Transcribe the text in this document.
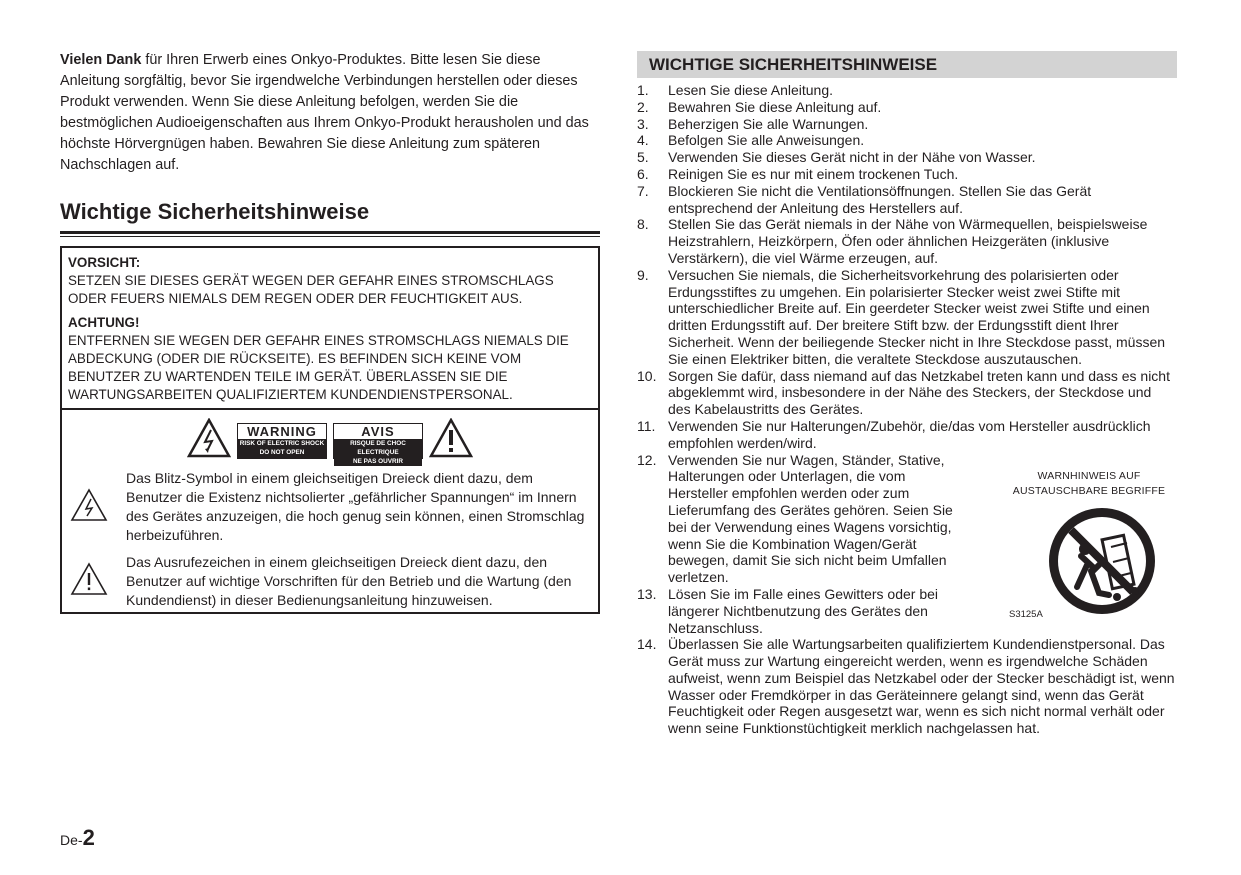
Vielen Dank für Ihren Erwerb eines Onkyo-Produktes. Bitte lesen Sie diese Anleitung sorgfältig, bevor Sie irgendwelche Verbindungen herstellen oder dieses Produkt verwenden. Wenn Sie diese Anleitung befolgen, werden Sie die bestmöglichen Audioeigenschaften aus Ihrem Onkyo-Produkt herausholen und das höchste Hörvergnügen haben. Bewahren Sie diese Anleitung zum späteren Nachschlagen auf.

Wichtige Sicherheitshinweise
VORSICHT:
SETZEN SIE DIESES GERÄT WEGEN DER GEFAHR EINES STROMSCHLAGS ODER FEUERS NIEMALS DEM REGEN ODER DER FEUCHTIGKEIT AUS.
ACHTUNG!
ENTFERNEN SIE WEGEN DER GEFAHR EINES STROMSCHLAGS NIEMALS DIE ABDECKUNG (ODER DIE RÜCKSEITE). ES BEFINDEN SICH KEINE VOM BENUTZER ZU WARTENDEN TEILE IM GERÄT. ÜBERLASSEN SIE DIE WARTUNGSARBEITEN QUALIFIZIERTEM KUNDENDIENSTPERSONAL.
WARNING
RISK OF ELECTRIC SHOCK
DO NOT OPEN
AVIS
RISQUE DE CHOC ELECTRIQUE
NE PAS OUVRIR

Das Blitz-Symbol in einem gleichseitigen Dreieck dient dazu, dem Benutzer die Existenz nichtsolierter „gefährlicher Spannungen“ im Innern des Gerätes anzuzeigen, die hoch genug sein können, einen Stromschlag herbeizuführen.

Das Ausrufezeichen in einem gleichseitigen Dreieck dient dazu, den Benutzer auf wichtige Vorschriften für den Betrieb und die Wartung (den Kundendienst) in dieser Bedienungsanleitung hinzuweisen.

De-2
WICHTIGE SICHERHEITSHINWEISE
1.	Lesen Sie diese Anleitung.
2.	Bewahren Sie diese Anleitung auf.
3.	Beherzigen Sie alle Warnungen.
4.	Befolgen Sie alle Anweisungen.
5.	Verwenden Sie dieses Gerät nicht in der Nähe von Wasser.
6.	Reinigen Sie es nur mit einem trockenen Tuch.
7.	Blockieren Sie nicht die Ventilationsöffnungen. Stellen Sie das Gerät entsprechend der Anleitung des Herstellers auf.
8.	Stellen Sie das Gerät niemals in der Nähe von Wärmequellen, beispielsweise Heizstrahlern, Heizkörpern, Öfen oder ähnlichen Heizgeräten (inklusive Verstärkern), die viel Wärme erzeugen, auf.
9.	Versuchen Sie niemals, die Sicherheitsvorkehrung des polarisierten oder Erdungsstiftes zu umgehen. Ein polarisierter Stecker weist zwei Stifte mit unterschiedlicher Breite auf. Ein geerdeter Stecker weist zwei Stifte und einen dritten Erdungsstift auf. Der breitere Stift bzw. der Erdungsstift dient Ihrer Sicherheit. Wenn der beiliegende Stecker nicht in Ihre Steckdose passt, müssen Sie einen Elektriker bitten, die veraltete Steckdose auszutauschen.
10. Sorgen Sie dafür, dass niemand auf das Netzkabel treten kann und dass es nicht abgeklemmt wird, insbesondere in der Nähe des Steckers, der Steckdose und des Kabelaustritts des Gerätes.
11. Verwenden Sie nur Halterungen/Zubehör, die/das vom Hersteller ausdrücklich empfohlen werden/wird.
12. Verwenden Sie nur Wagen, Ständer, Stative, Halterungen oder Unterlagen, die vom Hersteller empfohlen werden oder zum Lieferumfang des Gerätes gehören. Seien Sie bei der Verwendung eines Wagens vorsichtig, wenn Sie die Kombination Wagen/Gerät bewegen, damit Sie sich nicht beim Umfallen verletzen.
13. Lösen Sie im Falle eines Gewitters oder bei längerer Nichtbenutzung des Gerätes den Netzanschluss.
14. Überlassen Sie alle Wartungsarbeiten qualifiziertem Kundendienstpersonal. Das Gerät muss zur Wartung eingereicht werden, wenn es irgendwelche Schäden aufweist, wenn zum Beispiel das Netzkabel oder der Stecker beschädigt ist, wenn Wasser oder Fremdkörper in das Geräteinnere gelangt sind, wenn das Gerät Feuchtigkeit oder Regen ausgesetzt war, wenn es sich nicht normal verhält oder wenn seine Funktionstüchtigkeit merklich nachgelassen hat.
WARNHINWEIS AUF
AUSTAUSCHBARE BEGRIFFE
S3125A
